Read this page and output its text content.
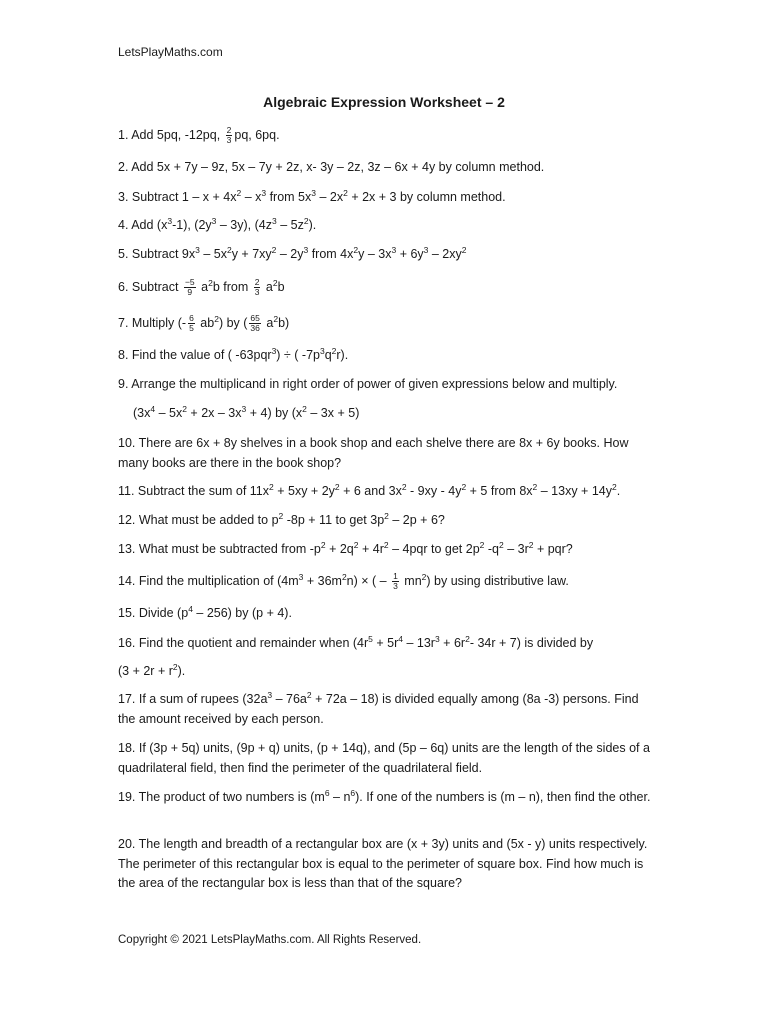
LetsPlayMaths.com
Algebraic Expression Worksheet – 2

1. Add 5pq, -12pq, $\frac{2}{3}$ pq, 6pq.

2. Add 5x + 7y – 9z, 5x – 7y + 2z, x- 3y – 2z, 3z – 6x + 4y by column method.

3. Subtract $1 - x + 4x^2 - x^3$ from $5x^3 - 2x^2 + 2x + 3$ by column method.

4. Add $(x^3-1)$, $(2y^3 - 3y)$, $(4z^3 - 5z^2)$.

5. Subtract $9x^3 - 5x^2y + 7xy^2 - 2y^3$ from $4x^2y - 3x^3 + 6y^3 - 2xy^2$

6. Subtract $\frac{-5}{9} a^2b$ from $\frac{2}{3} a^2b$

7. Multiply (- $\frac{6}{5} ab^2$) by ( $\frac{65}{36} a^2b$)

8. Find the value of ( -63pqr$^3$) ÷ ( $-7p^3q^2r$).

9. Arrange the multiplicand in right order of power of given expressions below and multiply.

$(3x^4 - 5x^2 + 2x - 3x^3 + 4)$ by $(x^2 - 3x + 5)$

10. There are 6x + 8y shelves in a book shop and each shelve there are 8x + 6y books. How many books are there in the book shop?

11. Subtract the sum of $11x^2 + 5xy + 2y^2 + 6$ and $3x^2 - 9xy - 4y^2 + 5$ from $8x^2 - 13xy + 14y^2$.

12. What must be added to $p^2$ -8p + 11 to get $3p^2 - 2p + 6$?

13. What must be subtracted from $-p^2 + 2q^2 + 4r^2 - 4pqr$ to get $2p^2$ $-q^2 - 3r^2$ + pqr?

14. Find the multiplication of $(4m^3 + 36m^2n)$ × ( – $\frac{1}{3} mn^2$) by using distributive law.

15. Divide $(p^4 - 256)$ by (p + 4).

16. Find the quotient and remainder when ($4r^5 + 5r^4 - 13r^3 + 6r^2-$ 34r + 7) is divided by

$(3 + 2r + r^2)$.

17. If a sum of rupees $(32a^3 - 76a^2 + 72a - 18)$ is divided equally among (8a -3) persons. Find the amount received by each person.

18. If (3p + 5q) units, (9p + q) units, (p + 14q), and (5p – 6q) units are the length of the sides of a quadrilateral field, then find the perimeter of the quadrilateral field.

19. The product of two numbers is $(m^6 - n^6)$. If one of the numbers is (m – n), then find the other.

20. The length and breadth of a rectangular box are (x + 3y) units and (5x - y) units respectively. The perimeter of this rectangular box is equal to the perimeter of square box. Find how much is the area of the rectangular box is less than that of the square?

Copyright © 2021 LetsPlayMaths.com. All Rights Reserved.
